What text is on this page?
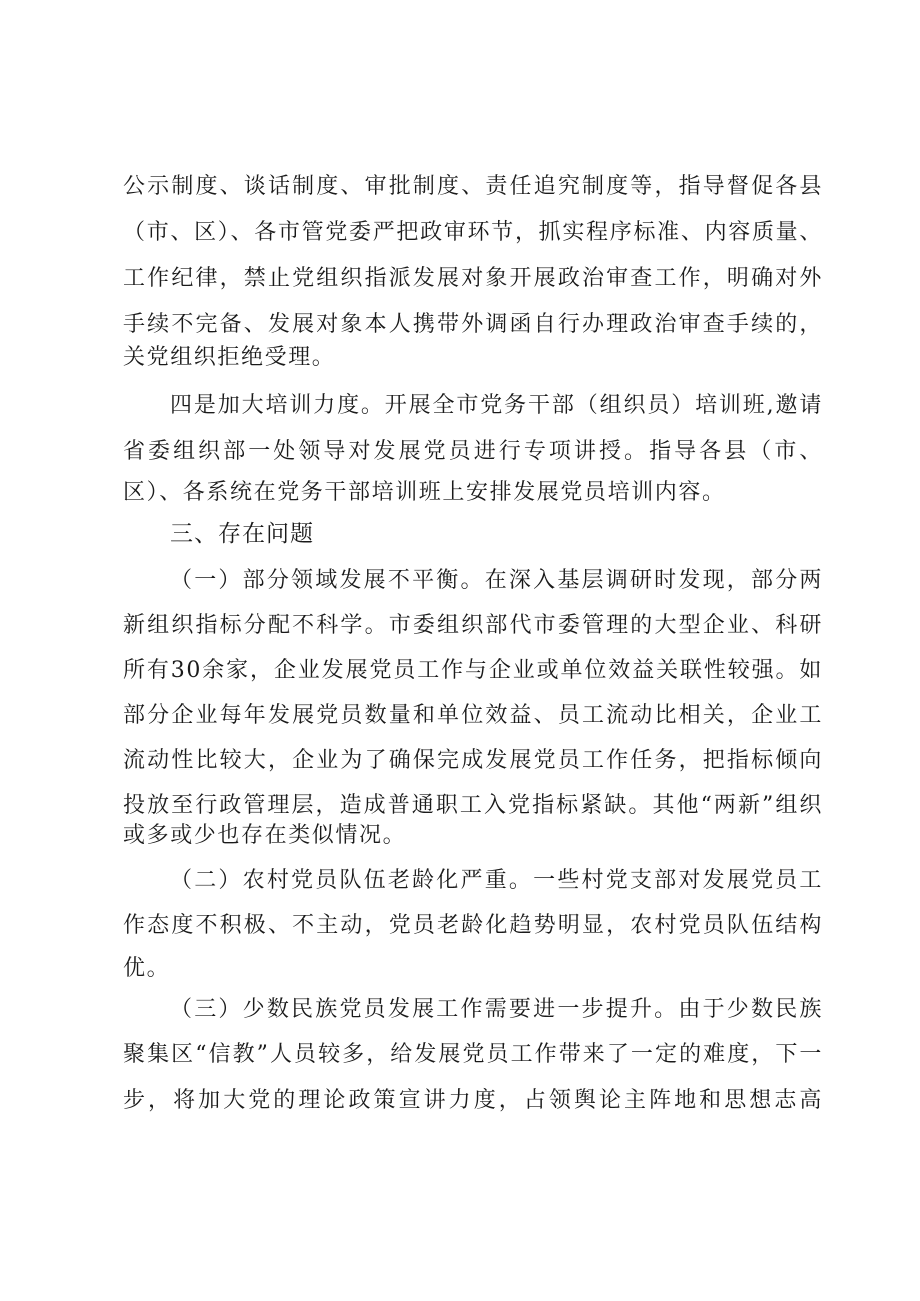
公示制度、谈话制度、审批制度、责任追究制度等，指导督促各县
（市、区）、各市管党委严把政审环节，抓实程序标准、内容质量、
工作纪律，禁止党组织指派发展对象开展政治审查工作，明确对外
手续不完备、发展对象本人携带外调函自行办理政治审查手续的，
关党组织拒绝受理。
四是加大培训力度。开展全市党务干部（组织员）培训班,邀请
省委组织部一处领导对发展党员进行专项讲授。指导各县（市、
区）、各系统在党务干部培训班上安排发展党员培训内容。
三、存在问题
（一）部分领域发展不平衡。在深入基层调研时发现，部分两
新组织指标分配不科学。市委组织部代市委管理的大型企业、科研
所有30余家，企业发展党员工作与企业或单位效益关联性较强。如
部分企业每年发展党员数量和单位效益、员工流动比相关，企业工
流动性比较大，企业为了确保完成发展党员工作任务，把指标倾向
投放至行政管理层，造成普通职工入党指标紧缺。其他“两新”组织
或多或少也存在类似情况。
（二）农村党员队伍老龄化严重。一些村党支部对发展党员工
作态度不积极、不主动，党员老龄化趋势明显，农村党员队伍结构
优。
（三）少数民族党员发展工作需要进一步提升。由于少数民族
聚集区“信教”人员较多，给发展党员工作带来了一定的难度，下一
步，将加大党的理论政策宣讲力度，占领舆论主阵地和思想志高
